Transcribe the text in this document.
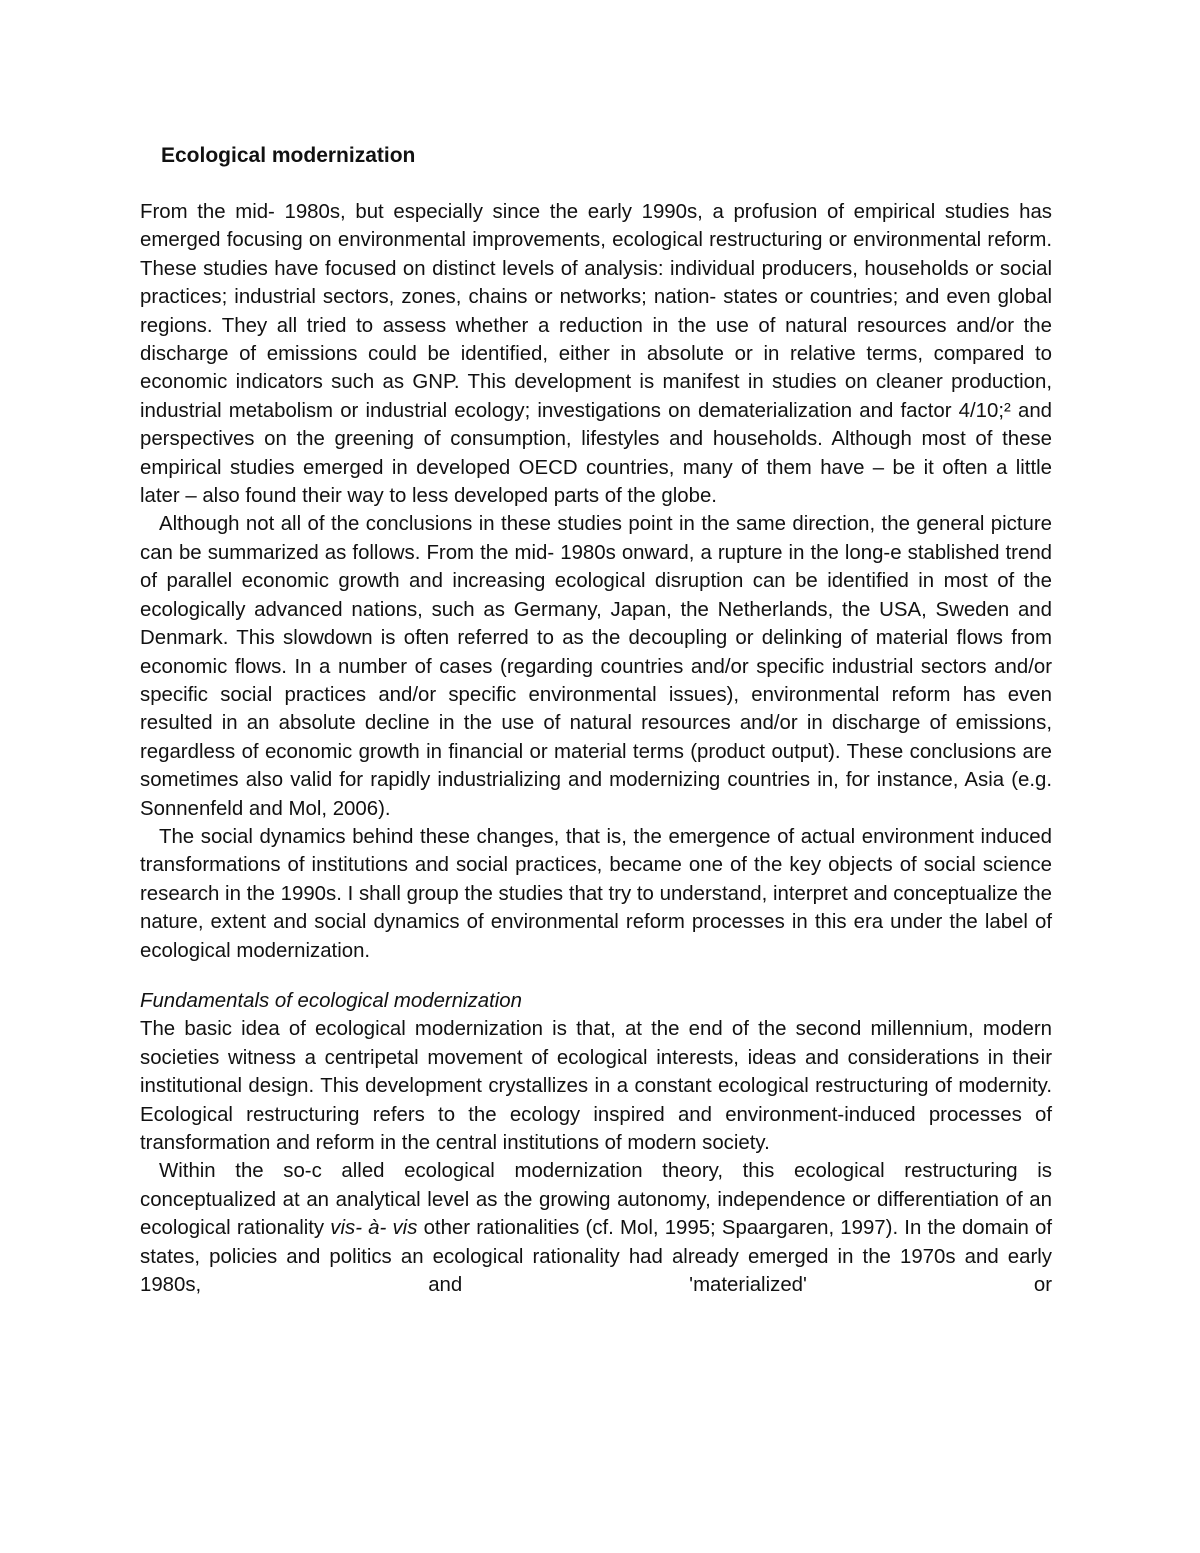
Ecological modernization

From the mid- 1980s, but especially since the early 1990s, a profusion of empirical studies has emerged focusing on environmental improvements, ecological restructuring or environmental reform. These studies have focused on distinct levels of analysis: individual producers, households or social practices; industrial sectors, zones, chains or networks; nation- states or countries; and even global regions. They all tried to assess whether a reduction in the use of natural resources and/or the discharge of emissions could be identified, either in absolute or in relative terms, compared to economic indicators such as GNP. This development is manifest in studies on cleaner production, industrial metabolism or industrial ecology; investigations on dematerialization and factor 4/10;² and perspectives on the greening of consumption, lifestyles and households. Although most of these empirical studies emerged in developed OECD countries, many of them have – be it often a little later – also found their way to less developed parts of the globe.

Although not all of the conclusions in these studies point in the same direction, the general picture can be summarized as follows. From the mid- 1980s onward, a rupture in the long-e stablished trend of parallel economic growth and increasing ecological disruption can be identified in most of the ecologically advanced nations, such as Germany, Japan, the Netherlands, the USA, Sweden and Denmark. This slowdown is often referred to as the decoupling or delinking of material flows from economic flows. In a number of cases (regarding countries and/or specific industrial sectors and/or specific social practices and/or specific environmental issues), environmental reform has even resulted in an absolute decline in the use of natural resources and/or in discharge of emissions, regardless of economic growth in financial or material terms (product output). These conclusions are sometimes also valid for rapidly industrializing and modernizing countries in, for instance, Asia (e.g. Sonnenfeld and Mol, 2006).

The social dynamics behind these changes, that is, the emergence of actual environment induced transformations of institutions and social practices, became one of the key objects of social science research in the 1990s. I shall group the studies that try to understand, interpret and conceptualize the nature, extent and social dynamics of environmental reform processes in this era under the label of ecological modernization.

Fundamentals of ecological modernization

The basic idea of ecological modernization is that, at the end of the second millennium, modern societies witness a centripetal movement of ecological interests, ideas and considerations in their institutional design. This development crystallizes in a constant ecological restructuring of modernity. Ecological restructuring refers to the ecology inspired and environment-induced processes of transformation and reform in the central institutions of modern society.

Within the so-c alled ecological modernization theory, this ecological restructuring is conceptualized at an analytical level as the growing autonomy, independence or differentiation of an ecological rationality vis- à- vis other rationalities (cf. Mol, 1995; Spaargaren, 1997). In the domain of states, policies and politics an ecological rationality had already emerged in the 1970s and early 1980s, and 'materialized' or
